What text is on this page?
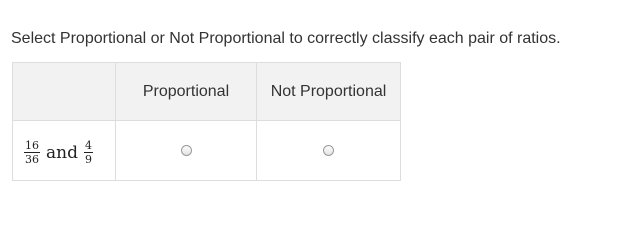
Select Proportional or Not Proportional to correctly classify each pair of ratios.
	Proportional	Not Proportional

$\frac{16}{36}$ and $\frac{4}{9}$
